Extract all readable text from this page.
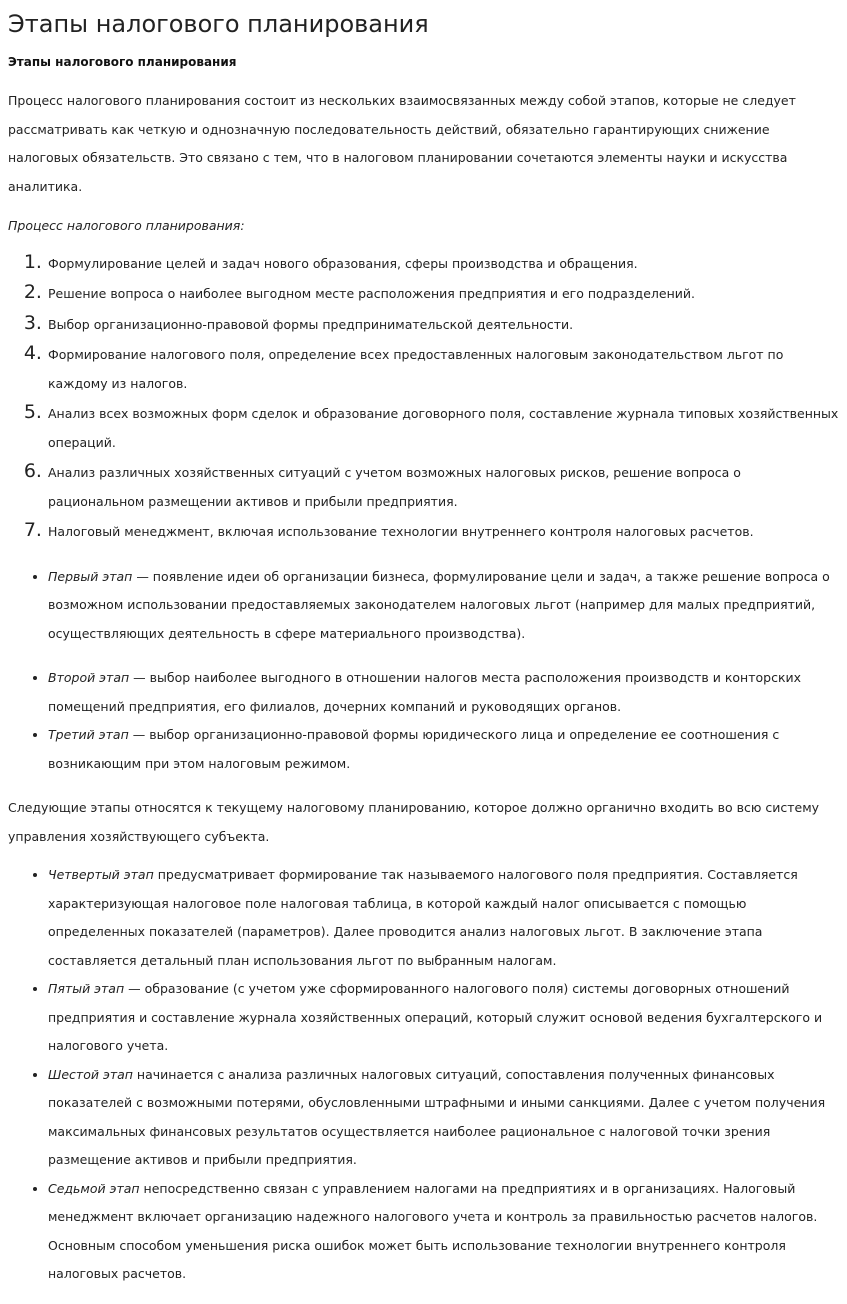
Этапы налогового планирования
Этапы налогового планирования

Процесс налогового планирования состоит из нескольких взаимосвязанных между собой этапов, которые не следует рассматривать как четкую и однозначную последовательность действий, обязательно гарантирующих снижение налоговых обязательств. Это связано с тем, что в налоговом планировании сочетаются элементы науки и искусства аналитика.

Процесс налогового планирования:

1. Формулирование целей и задач нового образования, сферы производства и обращения.
2. Решение вопроса о наиболее выгодном месте расположения предприятия и его подразделений.
3. Выбор организационно-правовой формы предпринимательской деятельности.
4. Формирование налогового поля, определение всех предоставленных налоговым законодательством льгот по каждому из налогов.
5. Анализ всех возможных форм сделок и образование договорного поля, составление журнала типовых хозяйственных операций.
6. Анализ различных хозяйственных ситуаций с учетом возможных налоговых рисков, решение вопроса о рациональном размещении активов и прибыли предприятия.
7. Налоговый менеджмент, включая использование технологии внутреннего контроля налоговых расчетов.
• Первый этап — появление идеи об организации бизнеса, формулирование цели и задач, а также решение вопроса о возможном использовании предоставляемых законодателем налоговых льгот (например для малых предприятий, осуществляющих деятельность в сфере материального производства).
• Второй этап — выбор наиболее выгодного в отношении налогов места расположения производств и конторских помещений предприятия, его филиалов, дочерних компаний и руководящих органов.
• Третий этап — выбор организационно-правовой формы юридического лица и определение ее соотношения с возникающим при этом налоговым режимом.

Следующие этапы относятся к текущему налоговому планированию, которое должно органично входить во всю систему управления хозяйствующего субъекта.

• Четвертый этап предусматривает формирование так называемого налогового поля предприятия. Составляется характеризующая налоговое поле налоговая таблица, в которой каждый налог описывается с помощью определенных показателей (параметров). Далее проводится анализ налоговых льгот. В заключение этапа составляется детальный план использования льгот по выбранным налогам.
• Пятый этап — образование (с учетом уже сформированного налогового поля) системы договорных отношений предприятия и составление журнала хозяйственных операций, который служит основой ведения бухгалтерского и налогового учета.
• Шестой этап начинается с анализа различных налоговых ситуаций, сопоставления полученных финансовых показателей с возможными потерями, обусловленными штрафными и иными санкциями. Далее с учетом получения максимальных финансовых результатов осуществляется наиболее рациональное с налоговой точки зрения размещение активов и прибыли предприятия.
• Седьмой этап непосредственно связан с управлением налогами на предприятиях и в организациях. Налоговый менеджмент включает организацию надежного налогового учета и контроль за правильностью расчетов налогов. Основным способом уменьшения риска ошибок может быть использование технологии внутреннего контроля налоговых расчетов.
